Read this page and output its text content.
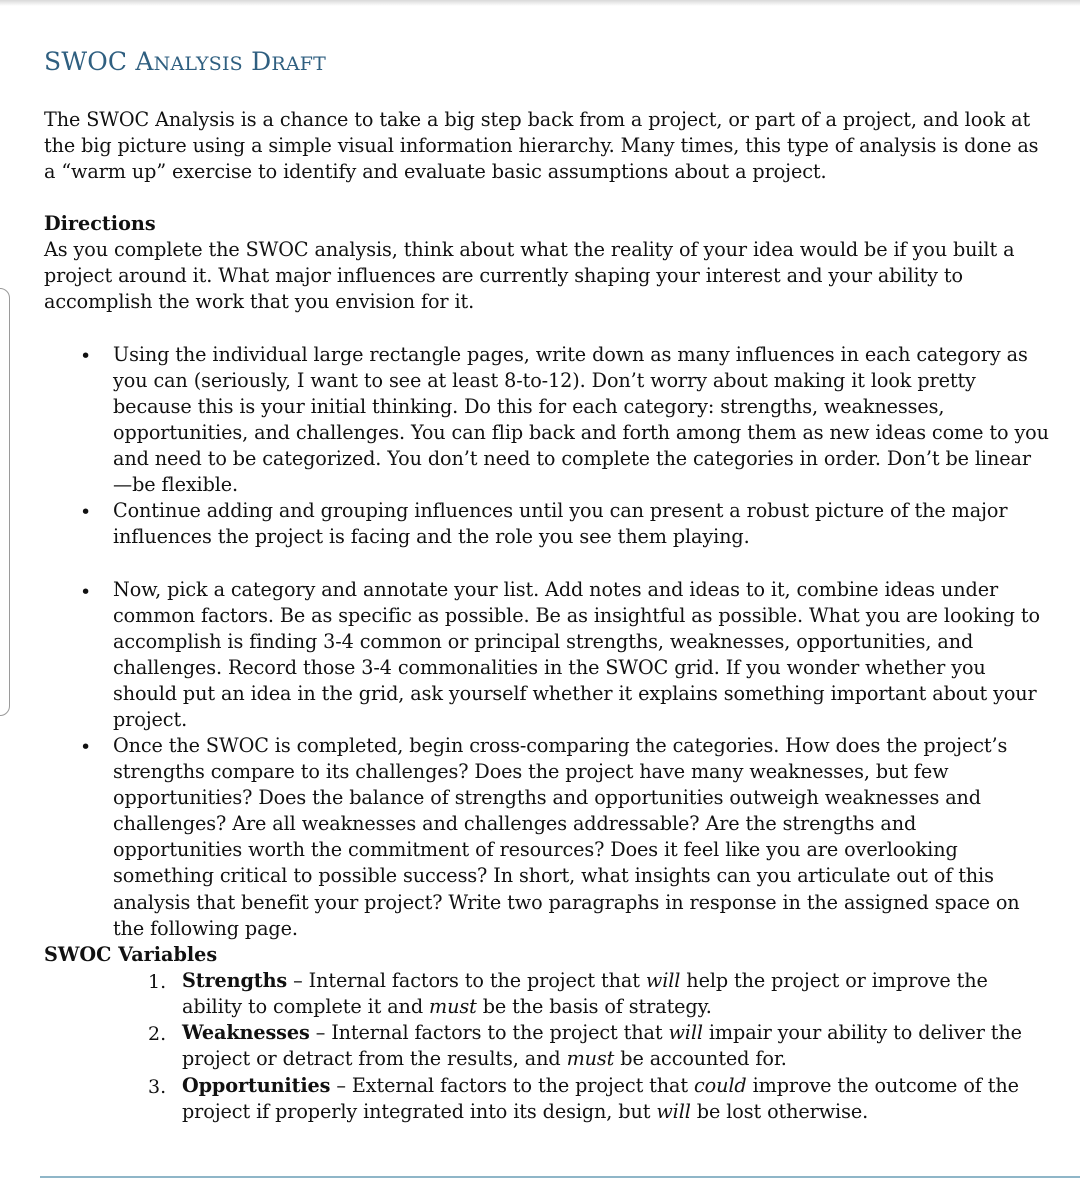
SWOC ANALYSIS DRAFT

The SWOC Analysis is a chance to take a big step back from a project, or part of a project, and look at the big picture using a simple visual information hierarchy. Many times, this type of analysis is done as a “warm up” exercise to identify and evaluate basic assumptions about a project.

Directions

As you complete the SWOC analysis, think about what the reality of your idea would be if you built a project around it. What major influences are currently shaping your interest and your ability to accomplish the work that you envision for it.

• Using the individual large rectangle pages, write down as many influences in each category as you can (seriously, I want to see at least 8-to-12). Don’t worry about making it look pretty because this is your initial thinking. Do this for each category: strengths, weaknesses, opportunities, and challenges. You can flip back and forth among them as new ideas come to you and need to be categorized. You don’t need to complete the categories in order. Don’t be linear—be flexible.

• Continue adding and grouping influences until you can present a robust picture of the major influences the project is facing and the role you see them playing.

• Now, pick a category and annotate your list. Add notes and ideas to it, combine ideas under common factors. Be as specific as possible. Be as insightful as possible. What you are looking to accomplish is finding 3-4 common or principal strengths, weaknesses, opportunities, and challenges. Record those 3-4 commonalities in the SWOC grid. If you wonder whether you should put an idea in the grid, ask yourself whether it explains something important about your project.

• Once the SWOC is completed, begin cross-comparing the categories. How does the project’s strengths compare to its challenges? Does the project have many weaknesses, but few opportunities? Does the balance of strengths and opportunities outweigh weaknesses and challenges? Are all weaknesses and challenges addressable? Are the strengths and opportunities worth the commitment of resources? Does it feel like you are overlooking something critical to possible success? In short, what insights can you articulate out of this analysis that benefit your project? Write two paragraphs in response in the assigned space on the following page.

SWOC Variables

1. Strengths – Internal factors to the project that will help the project or improve the ability to complete it and must be the basis of strategy.

2. Weaknesses – Internal factors to the project that will impair your ability to deliver the project or detract from the results, and must be accounted for.

3. Opportunities – External factors to the project that could improve the outcome of the project if properly integrated into its design, but will be lost otherwise.
